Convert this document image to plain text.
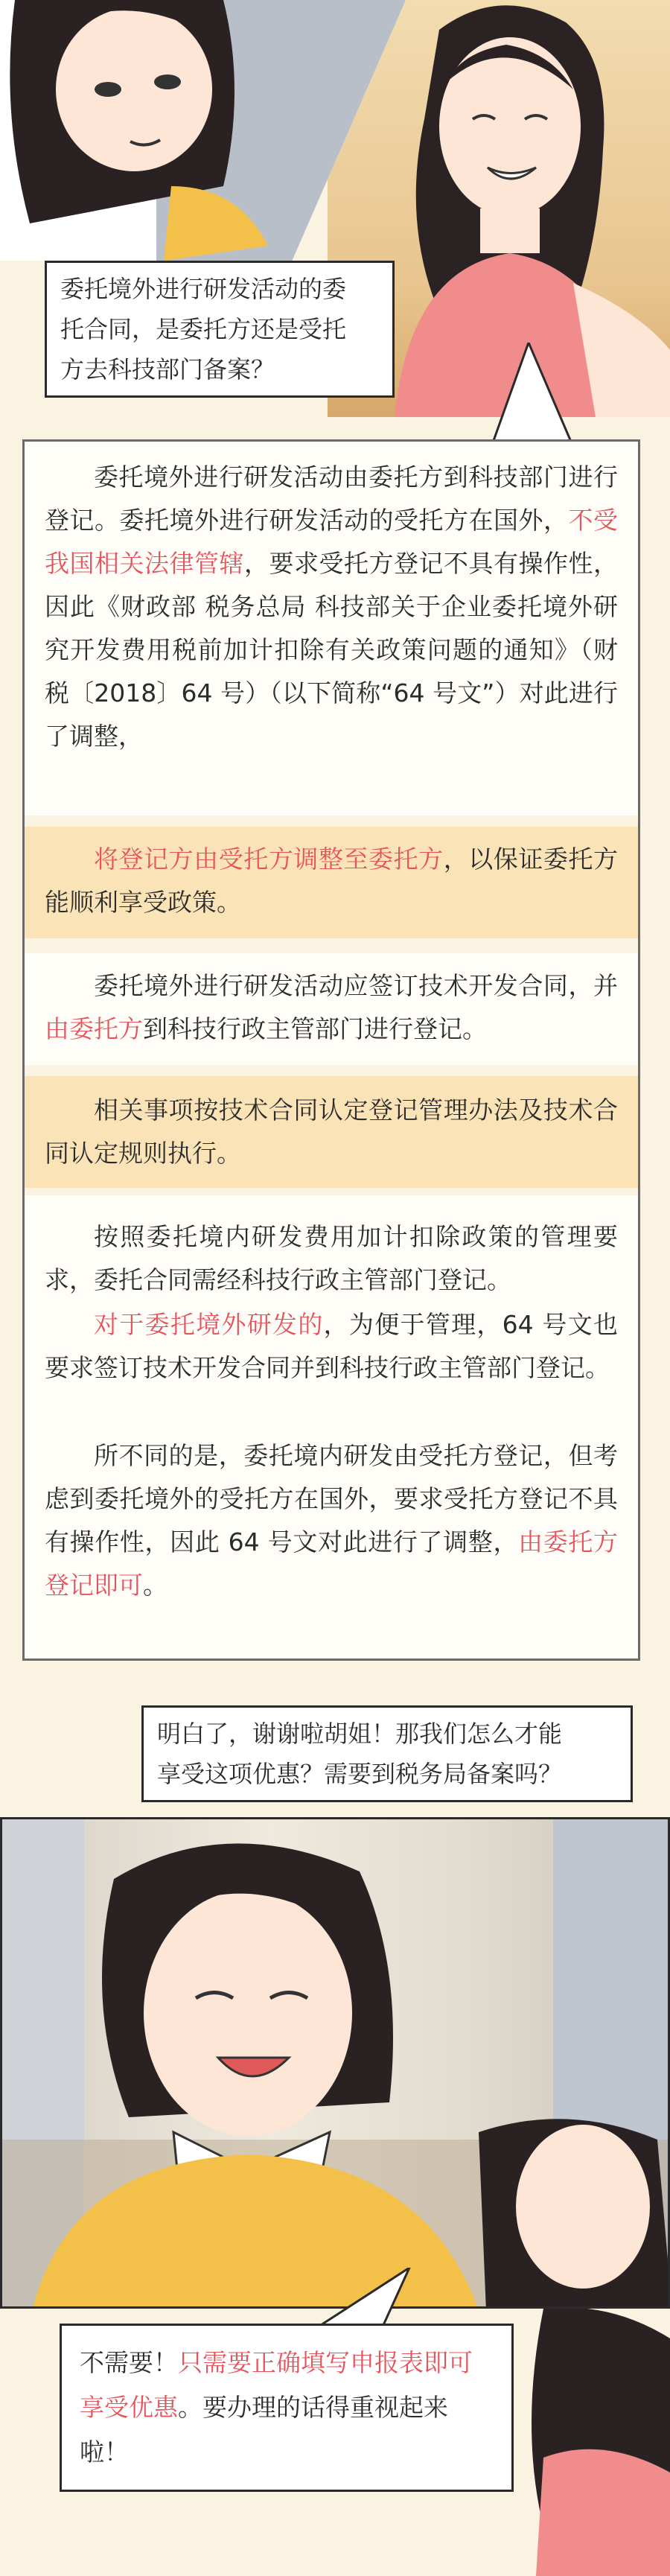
委托境外进行研发活动的委
托合同，是委托方还是受托
方去科技部门备案？
委托境外进行研发活动由委托方到科技部门进行登记。委托境外进行研发活动的受托方在国外，不受我国相关法律管辖，要求受托方登记不具有操作性，因此《财政部 税务总局 科技部关于企业委托境外研究开发费用税前加计扣除有关政策问题的通知》（财税〔2018〕64 号）（以下简称“64 号文”）对此进行了调整，
将登记方由受托方调整至委托方，以保证委托方能顺利享受政策。
委托境外进行研发活动应签订技术开发合同，并由委托方到科技行政主管部门进行登记。
相关事项按技术合同认定登记管理办法及技术合同认定规则执行。
按照委托境内研发费用加计扣除政策的管理要求，委托合同需经科技行政主管部门登记。
对于委托境外研发的，为便于管理，64 号文也要求签订技术开发合同并到科技行政主管部门登记。
所不同的是，委托境内研发由受托方登记，但考虑到委托境外的受托方在国外，要求受托方登记不具有操作性，因此 64 号文对此进行了调整，由委托方登记即可。
明白了，谢谢啦胡姐！那我们怎么才能
享受这项优惠？需要到税务局备案吗？
不需要！只需要正确填写申报表即可享受优惠。要办理的话得重视起来啦！
